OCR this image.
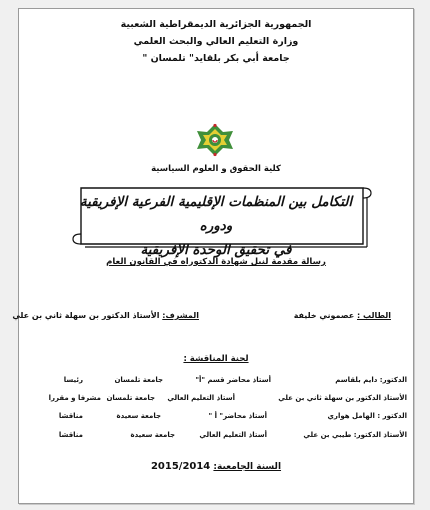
الجمهورية الجزائرية الديمقراطية الشعبية
وزارة التعليم العالي والبحث العلمي
جامعة أبي بكر بلقايد" تلمسان "
كلية الحقوق و العلوم السياسية
التكامل بين المنظمات الإقليمية الفرعية الإفريقية ودوره
في تحقيق الوحدة الإفريقية
رسالة مقدمة لنيل شهادة الدكتوراه في القانون العام
الطالب : عصموني خليفة
المشرف: الأستاذ الدكتور بن سهلة ثاني بن علي
لجنة المناقشة :
الدكتور: دايم بلقاسم
أستاذ محاضر قسم "أ"
جامعة تلمسان
رئيسا
الأستاذ الدكتور بن سهلة ثاني بن علي
أستاذ التعليم العالي
جامعة تلمسان
مشرفا و مقررا
الدكتور : الهامل هواري
أستاذ محاضر" أ "
جامعة سعيدة
مناقشا
الأستاذ الدكتور: طيبي بن علي
أستاذ التعليم العالي
جامعة سعيدة
مناقشا
السنة الجامعية: 2015/2014
